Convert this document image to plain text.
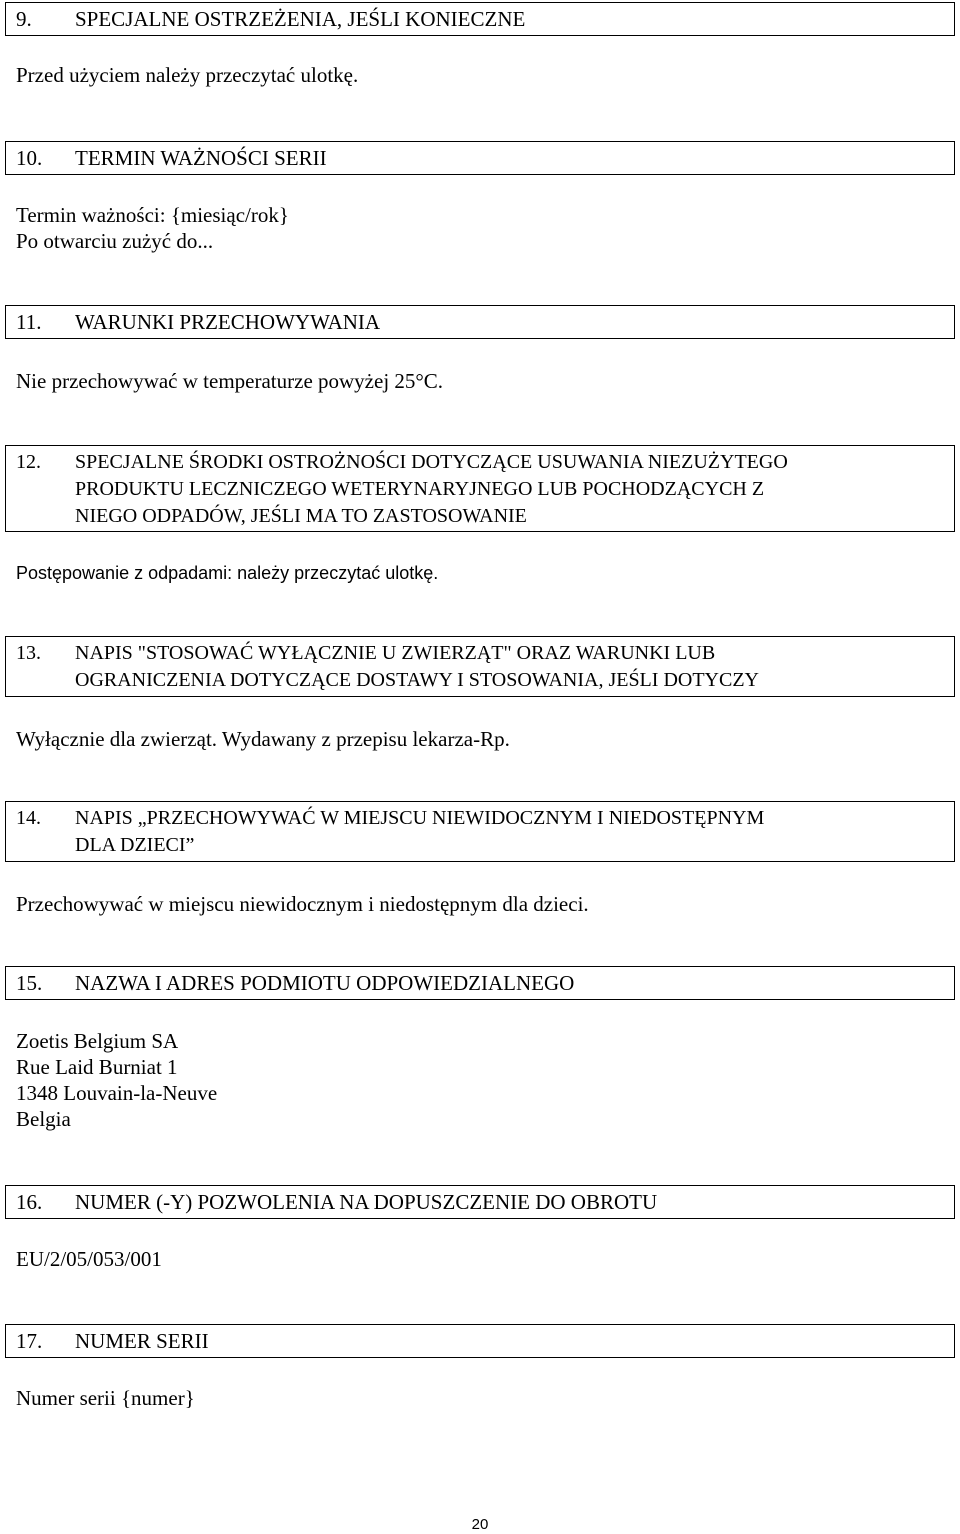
9. SPECJALNE OSTRZEŻENIA, JEŚLI KONIECZNE
Przed użyciem należy przeczytać ulotkę.
10. TERMIN WAŻNOŚCI SERII
Termin ważności: {miesiąc/rok}
Po otwarciu zużyć do...
11. WARUNKI PRZECHOWYWANIA
Nie przechowywać w temperaturze powyżej 25°C.
12. SPECJALNE ŚRODKI OSTROŻNOŚCI DOTYCZĄCE USUWANIA NIEZUŻYTEGO
PRODUKTU LECZNICZEGO WETERYNARYJNEGO LUB POCHODZĄCYCH Z
NIEGO ODPADÓW, JEŚLI MA TO ZASTOSOWANIE
Postępowanie z odpadami: należy przeczytać ulotkę.
13. NAPIS "STOSOWAĆ WYŁĄCZNIE U ZWIERZĄT" ORAZ WARUNKI LUB
OGRANICZENIA DOTYCZĄCE DOSTAWY I STOSOWANIA, JEŚLI DOTYCZY
Wyłącznie dla zwierząt. Wydawany z przepisu lekarza-Rp.
14. NAPIS „PRZECHOWYWAĆ W MIEJSCU NIEWIDOCZNYM I NIEDOSTĘPNYM
DLA DZIECI”
Przechowywać w miejscu niewidocznym i niedostępnym dla dzieci.
15. NAZWA I ADRES PODMIOTU ODPOWIEDZIALNEGO
Zoetis Belgium SA
Rue Laid Burniat 1
1348 Louvain-la-Neuve
Belgia
16. NUMER (-Y) POZWOLENIA NA DOPUSZCZENIE DO OBROTU
EU/2/05/053/001
17. NUMER SERII
Numer serii {numer}
20
